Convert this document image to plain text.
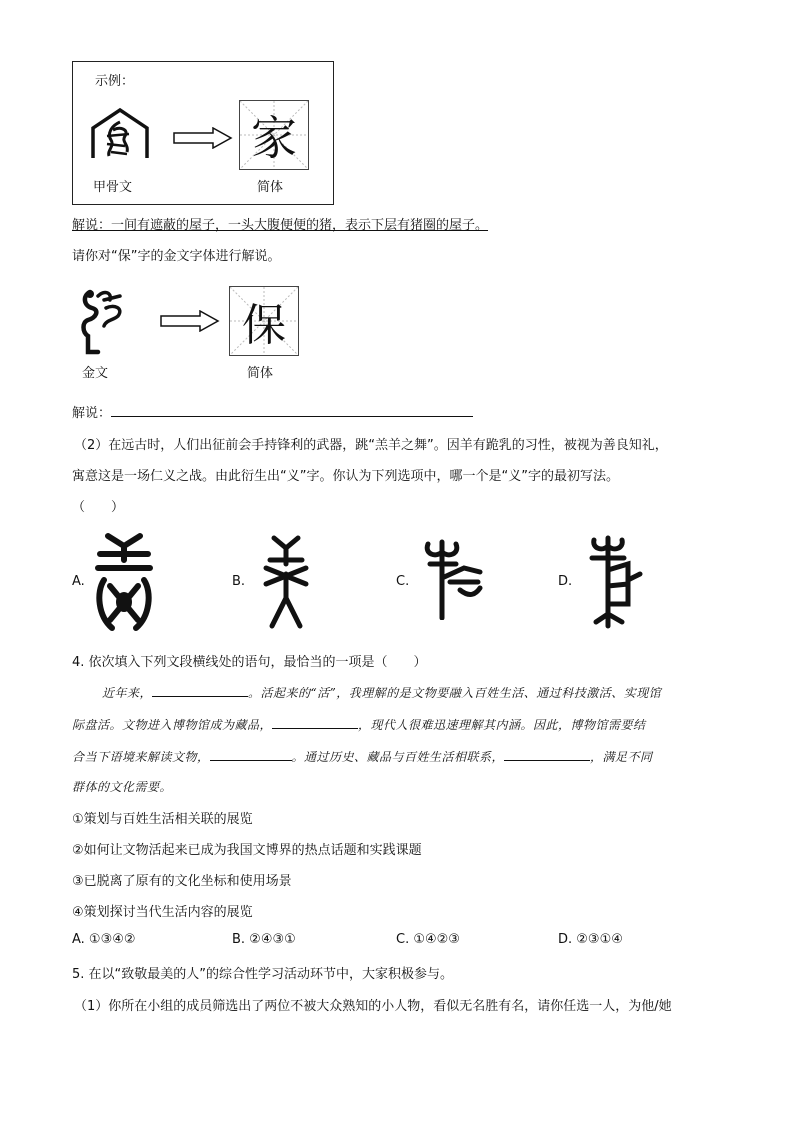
示例：
家
甲骨文	简体
解说：一间有遮蔽的屋子，一头大腹便便的猪，表示下层有猪圈的屋子。
请你对“保”字的金文字体进行解说。
保
金文	简体
解说：
（2）在远古时，人们出征前会手持锋利的武器，跳“羔羊之舞”。因羊有跪乳的习性，被视为善良知礼，
寓意这是一场仁义之战。由此衍生出“义”字。你认为下列选项中，哪一个是“义”字的最初写法。
（　　）
A.	B.	C.	D.
4. 依次填入下列文段横线处的语句，最恰当的一项是（　　）
近年来，	。活起来的“活”，我理解的是文物要融入百姓生活、通过科技激活、实现馆
际盘活。文物进入博物馆成为藏品，	，现代人很难迅速理解其内涵。因此，博物馆需要结
合当下语境来解读文物，	。通过历史、藏品与百姓生活相联系，	，满足不同
群体的文化需要。
①策划与百姓生活相关联的展览
②如何让文物活起来已成为我国文博界的热点话题和实践课题
③已脱离了原有的文化坐标和使用场景
④策划探讨当代生活内容的展览
A. ①③④②	B. ②④③①	C. ①④②③	D. ②③①④
5. 在以“致敬最美的人”的综合性学习活动环节中，大家积极参与。
（1）你所在小组的成员筛选出了两位不被大众熟知的小人物，看似无名胜有名，请你任选一人，为他/她
